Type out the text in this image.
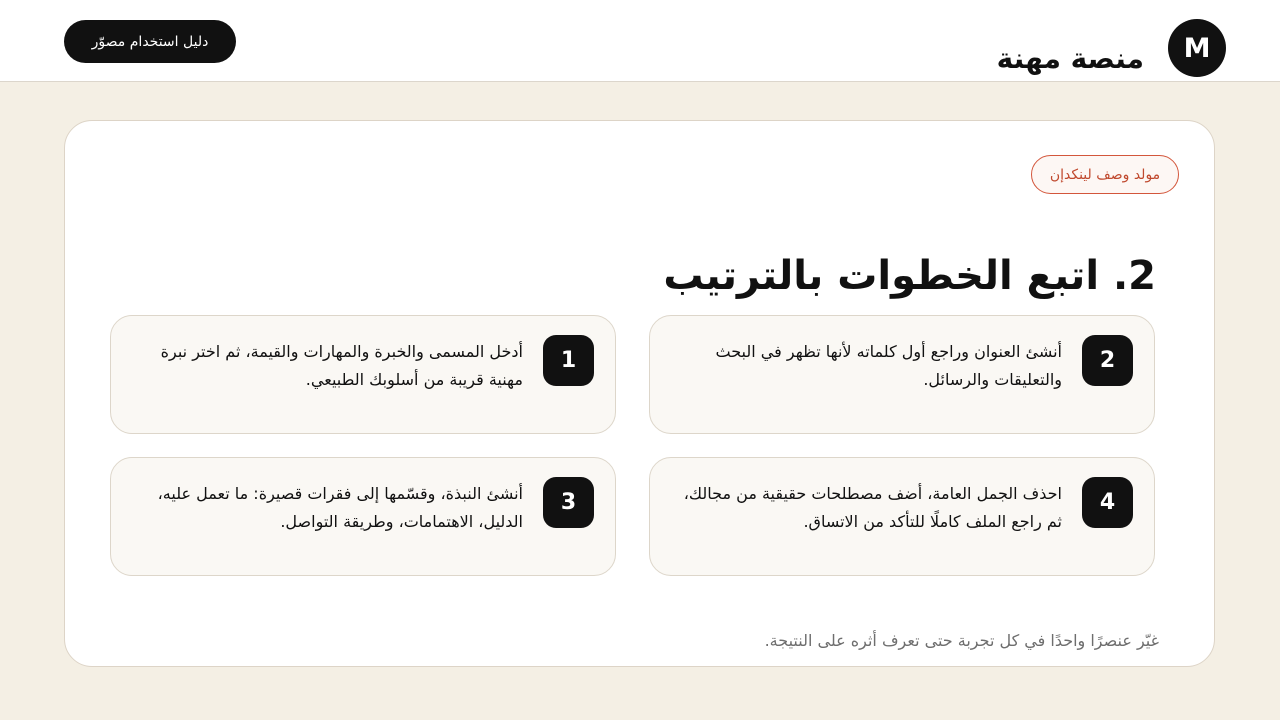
دليل استخدام مصوّر
منصة مهنة	M
مولد وصف لينكدإن
2. اتبع الخطوات بالترتيب
1

أدخل المسمى والخبرة والمهارات والقيمة، ثم اختر نبرة مهنية قريبة من أسلوبك الطبيعي.

2

أنشئ العنوان وراجع أول كلماته لأنها تظهر في البحث والتعليقات والرسائل.

3

أنشئ النبذة، وقسّمها إلى فقرات قصيرة: ما تعمل عليه، الدليل، الاهتمامات، وطريقة التواصل.

4

احذف الجمل العامة، أضف مصطلحات حقيقية من مجالك، ثم راجع الملف كاملًا للتأكد من الاتساق.

غيّر عنصرًا واحدًا في كل تجربة حتى تعرف أثره على النتيجة.
